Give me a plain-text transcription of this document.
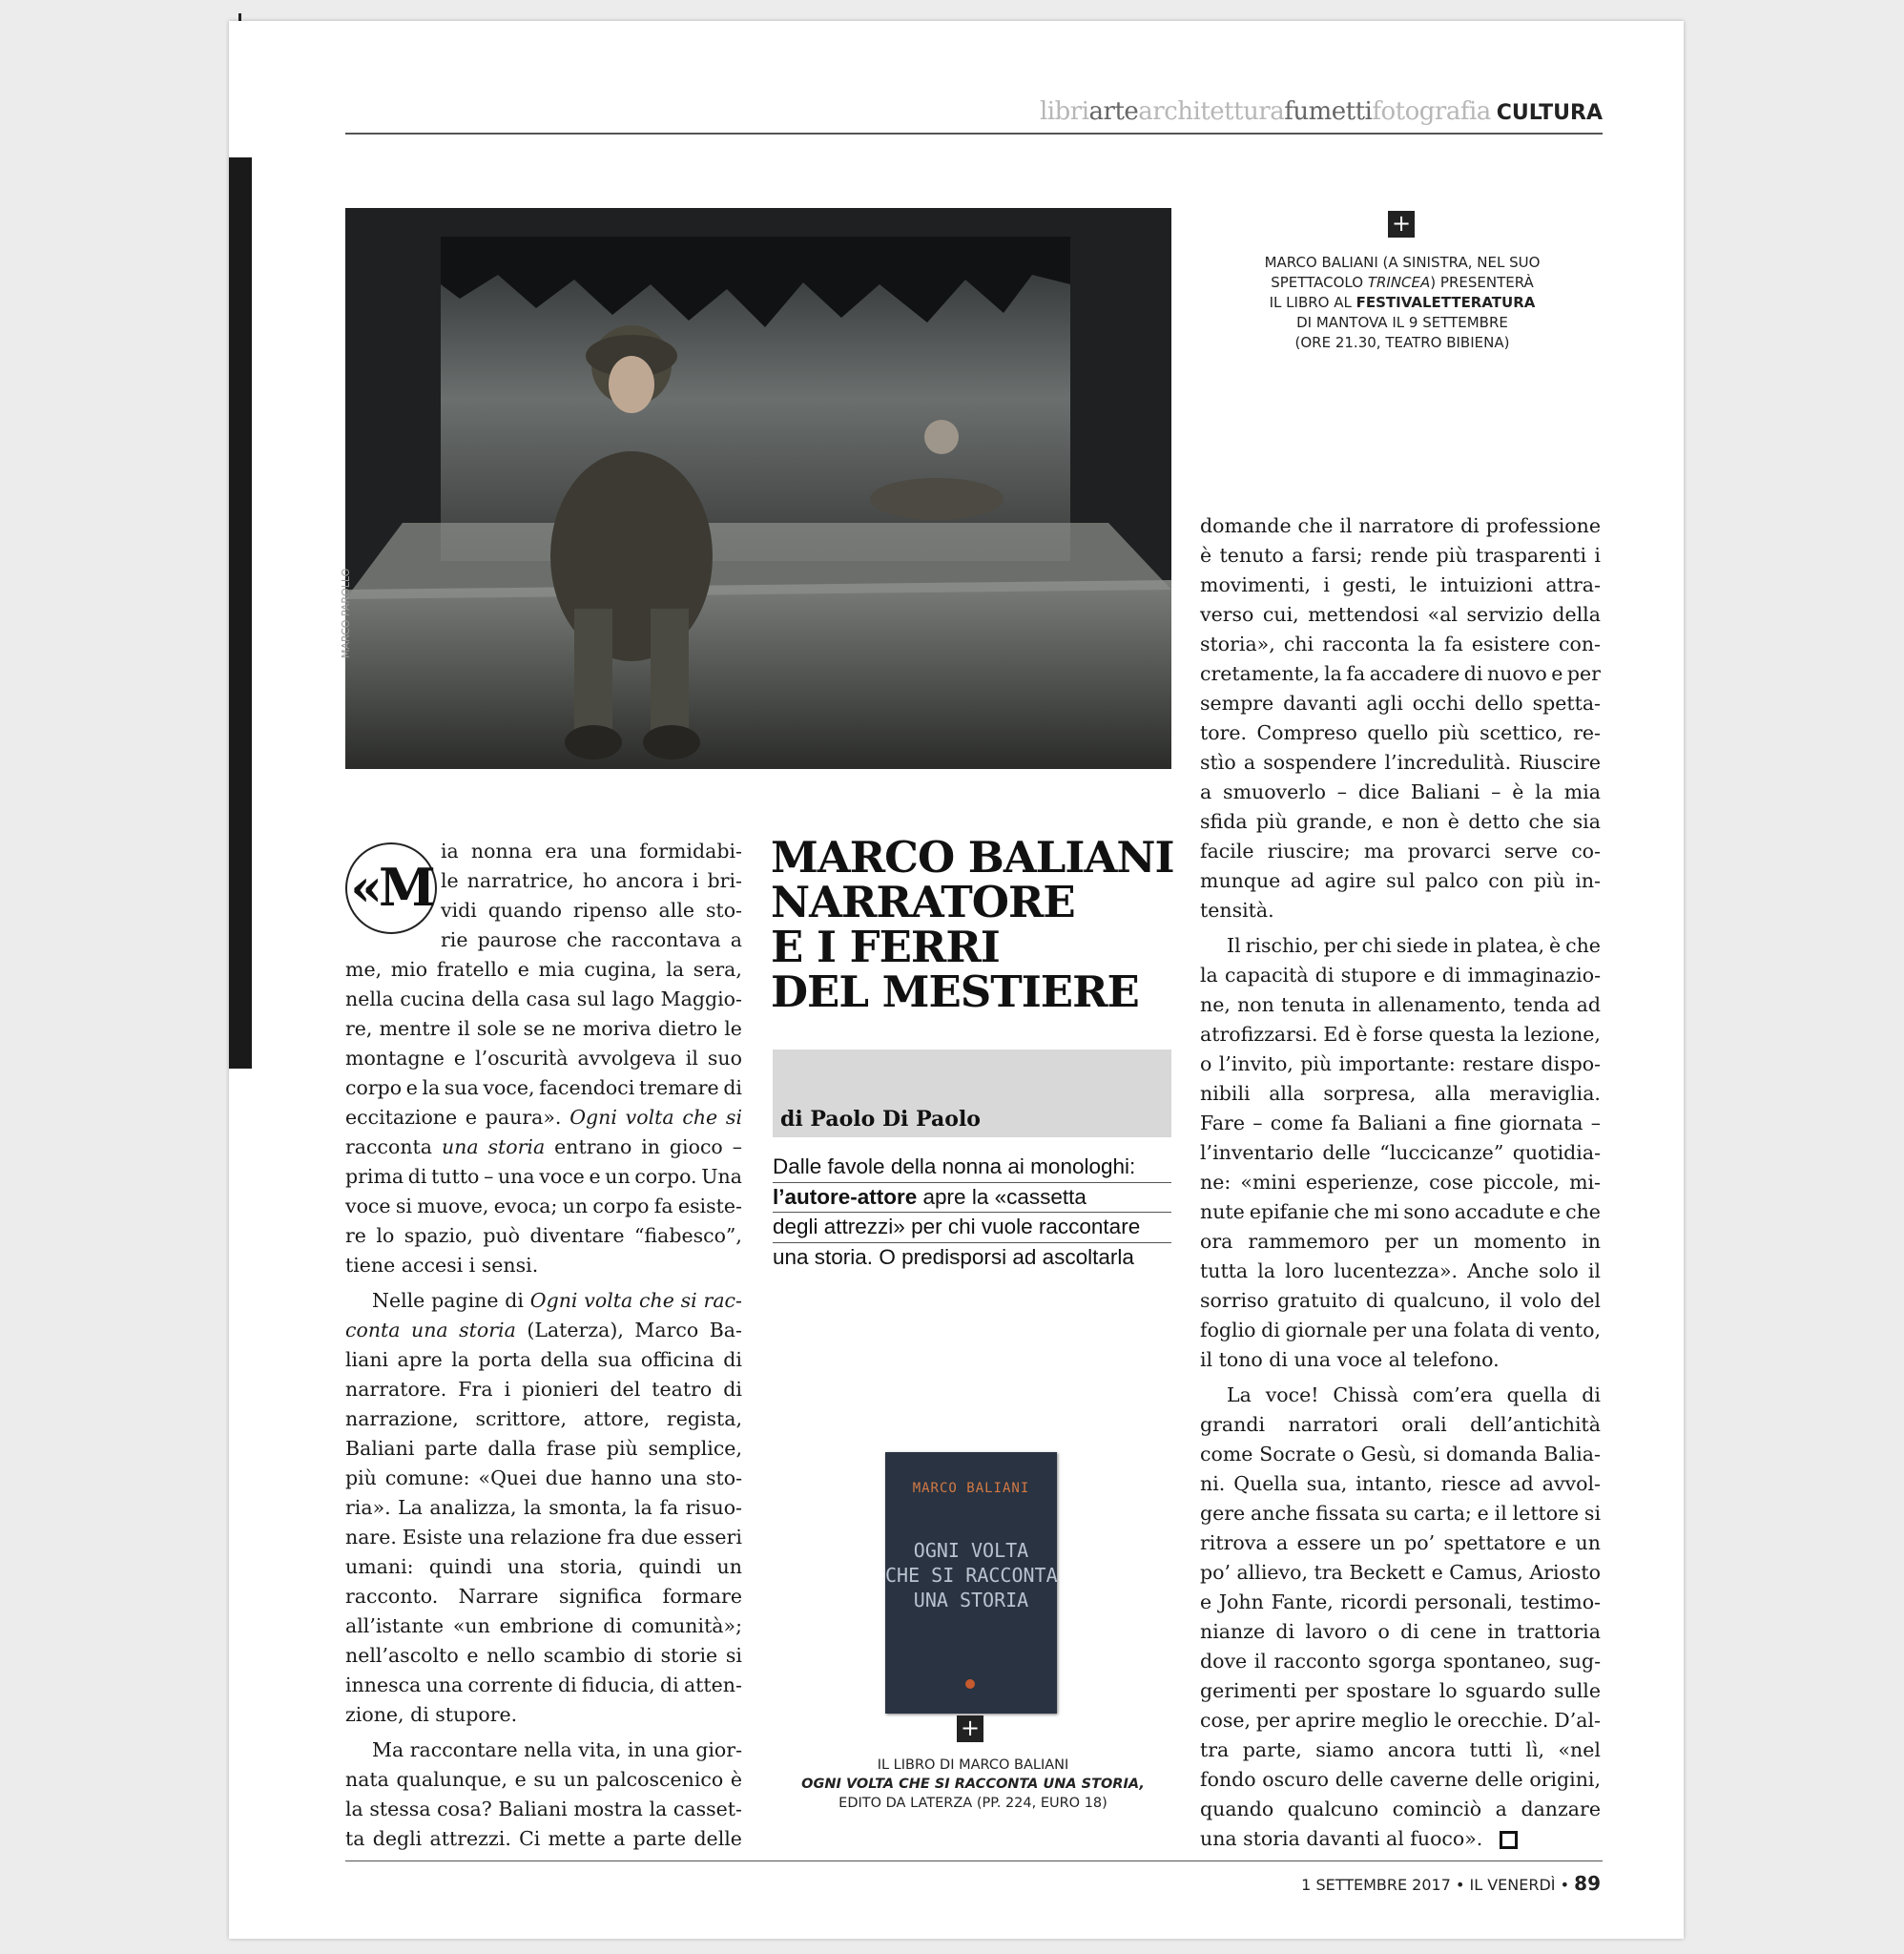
libriartearchitetturafumettifotografia CULTURA
MARCO PAROLLO
+

MARCO BALIANI (A SINISTRA, NEL SUO

SPETTACOLO TRINCEA) PRESENTERÀ

IL LIBRO AL FESTIVALETTERATURA

DI MANTOVA IL 9 SETTEMBRE

(ORE 21.30, TEATRO BIBIENA)

MARCO BALIANI
NARRATORE
E I FERRI
DEL MESTIERE
di Paolo Di Paolo
Dalle favole della nonna ai monologhi:
l’autore-attore apre la «cassetta
degli attrezzi» per chi vuole raccontare
una storia. O predisporsi ad ascoltarla
«M
ia nonna era una formidabi-
le narratrice, ho ancora i bri-
vidi quando ripenso alle sto-
rie paurose che raccontava a
me, mio fratello e mia cugina, la sera,
nella cucina della casa sul lago Maggio-
re, mentre il sole se ne moriva dietro le
montagne e l’oscurità avvolgeva il suo
corpo e la sua voce, facendoci tremare di
eccitazione e paura». Ogni volta che si
racconta una storia entrano in gioco –
prima di tutto – una voce e un corpo. Una
voce si muove, evoca; un corpo fa esiste-
re lo spazio, può diventare “fiabesco”,
tiene accesi i sensi.
Nelle pagine di Ogni volta che si rac-
conta una storia (Laterza), Marco Ba-
liani apre la porta della sua officina di
narratore. Fra i pionieri del teatro di
narrazione, scrittore, attore, regista,
Baliani parte dalla frase più semplice,
più comune: «Quei due hanno una sto-
ria». La analizza, la smonta, la fa risuo-
nare. Esiste una relazione fra due esseri
umani: quindi una storia, quindi un
racconto. Narrare significa formare
all’istante «un embrione di comunità»;
nell’ascolto e nello scambio di storie si
innesca una corrente di fiducia, di atten-
zione, di stupore.
Ma raccontare nella vita, in una gior-
nata qualunque, e su un palcoscenico è
la stessa cosa? Baliani mostra la casset-
ta degli attrezzi. Ci mette a parte delle
domande che il narratore di professione
è tenuto a farsi; rende più trasparenti i
movimenti, i gesti, le intuizioni attra-
verso cui, mettendosi «al servizio della
storia», chi racconta la fa esistere con-
cretamente, la fa accadere di nuovo e per
sempre davanti agli occhi dello spetta-
tore. Compreso quello più scettico, re-
stìo a sospendere l’incredulità. Riuscire
a smuoverlo – dice Baliani – è la mia
sfida più grande, e non è detto che sia
facile riuscire; ma provarci serve co-
munque ad agire sul palco con più in-
tensità.
Il rischio, per chi siede in platea, è che
la capacità di stupore e di immaginazio-
ne, non tenuta in allenamento, tenda ad
atrofizzarsi. Ed è forse questa la lezione,
o l’invito, più importante: restare dispo-
nibili alla sorpresa, alla meraviglia.
Fare – come fa Baliani a fine giornata –
l’inventario delle “luccicanze” quotidia-
ne: «mini esperienze, cose piccole, mi-
nute epifanie che mi sono accadute e che
ora rammemoro per un momento in
tutta la loro lucentezza». Anche solo il
sorriso gratuito di qualcuno, il volo del
foglio di giornale per una folata di vento,
il tono di una voce al telefono.
La voce! Chissà com’era quella di
grandi narratori orali dell’antichità
come Socrate o Gesù, si domanda Balia-
ni. Quella sua, intanto, riesce ad avvol-
gere anche fissata su carta; e il lettore si
ritrova a essere un po’ spettatore e un
po’ allievo, tra Beckett e Camus, Ariosto
e John Fante, ricordi personali, testimo-
nianze di lavoro o di cene in trattoria
dove il racconto sgorga spontaneo, sug-
gerimenti per spostare lo sguardo sulle
cose, per aprire meglio le orecchie. D’al-
tra parte, siamo ancora tutti lì, «nel
fondo oscuro delle caverne delle origini,
quando qualcuno cominciò a danzare
una storia davanti al fuoco».
MARCO BALIANI
OGNI VOLTA
CHE SI RACCONTA
UNA STORIA
+

IL LIBRO DI MARCO BALIANI

OGNI VOLTA CHE SI RACCONTA UNA STORIA,

EDITO DA LATERZA (PP. 224, EURO 18)

1 SETTEMBRE 2017 • IL VENERDÌ • 89
